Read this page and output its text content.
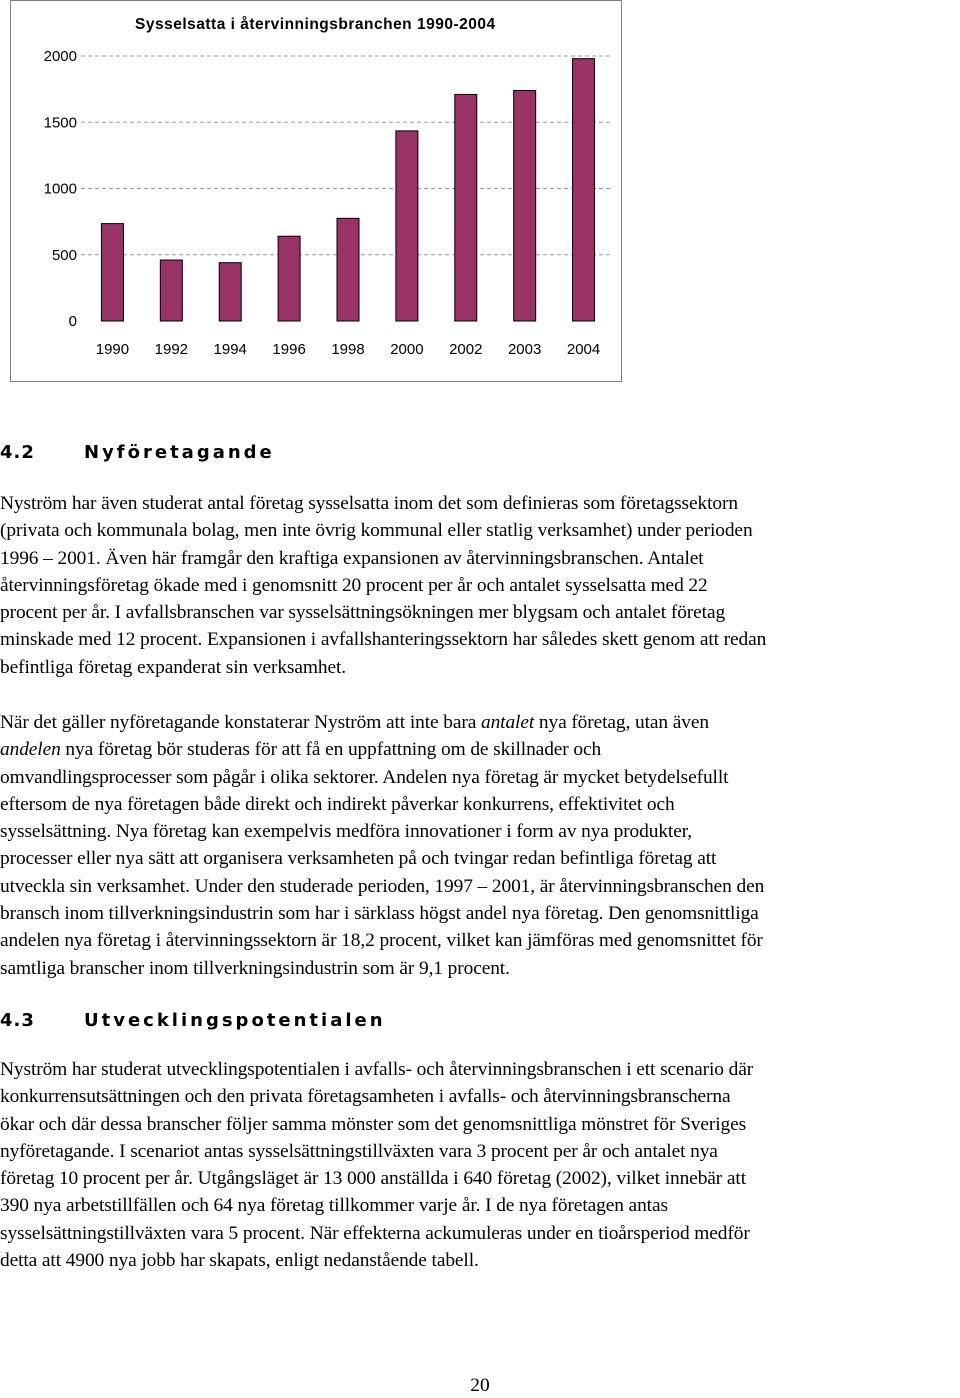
Sysselsatta i återvinningsbranchen 1990-2004
0
500
1000
1500
2000
1990 1992 1994 1996 1998 2000 2002 2003 2004
4.2	Nyföretagande

Nyström har även studerat antal företag sysselsatta inom det som definieras som företagssektorn
(privata och kommunala bolag, men inte övrig kommunal eller statlig verksamhet) under perioden
1996 – 2001. Även här framgår den kraftiga expansionen av återvinningsbranschen. Antalet
återvinningsföretag ökade med i genomsnitt 20 procent per år och antalet sysselsatta med 22
procent per år. I avfallsbranschen var sysselsättningsökningen mer blygsam och antalet företag
minskade med 12 procent. Expansionen i avfallshanteringssektorn har således skett genom att redan
befintliga företag expanderat sin verksamhet.

När det gäller nyföretagande konstaterar Nyström att inte bara antalet nya företag, utan även
andelen nya företag bör studeras för att få en uppfattning om de skillnader och
omvandlingsprocesser som pågår i olika sektorer. Andelen nya företag är mycket betydelsefullt
eftersom de nya företagen både direkt och indirekt påverkar konkurrens, effektivitet och
sysselsättning. Nya företag kan exempelvis medföra innovationer i form av nya produkter,
processer eller nya sätt att organisera verksamheten på och tvingar redan befintliga företag att
utveckla sin verksamhet. Under den studerade perioden, 1997 – 2001, är återvinningsbranschen den
bransch inom tillverkningsindustrin som har i särklass högst andel nya företag. Den genomsnittliga
andelen nya företag i återvinningssektorn är 18,2 procent, vilket kan jämföras med genomsnittet för
samtliga branscher inom tillverkningsindustrin som är 9,1 procent.

4.3	Utvecklingspotentialen

Nyström har studerat utvecklingspotentialen i avfalls- och återvinningsbranschen i ett scenario där
konkurrensutsättningen och den privata företagsamheten i avfalls- och återvinningsbranscherna
ökar och där dessa branscher följer samma mönster som det genomsnittliga mönstret för Sveriges
nyföretagande. I scenariot antas sysselsättningstillväxten vara 3 procent per år och antalet nya
företag 10 procent per år. Utgångsläget är 13 000 anställda i 640 företag (2002), vilket innebär att
390 nya arbetstillfällen och 64 nya företag tillkommer varje år. I de nya företagen antas
sysselsättningstillväxten vara 5 procent. När effekterna ackumuleras under en tioårsperiod medför
detta att 4900 nya jobb har skapats, enligt nedanstående tabell.

20
